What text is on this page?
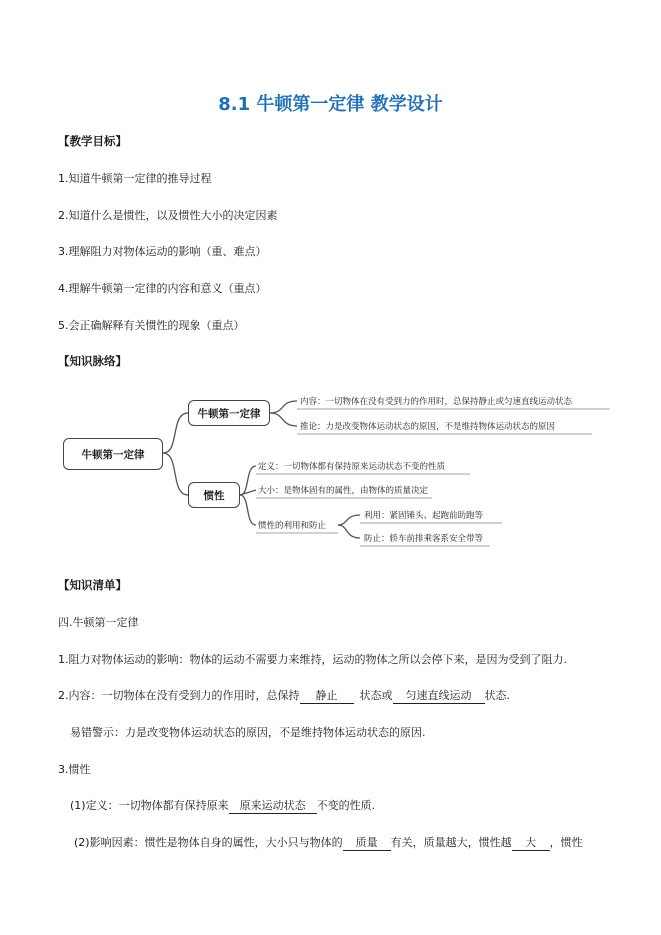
8.1 牛顿第一定律 教学设计
【教学目标】
1.知道牛顿第一定律的推导过程
2.知道什么是惯性，以及惯性大小的决定因素
3.理解阻力对物体运动的影响（重、难点）
4.理解牛顿第一定律的内容和意义（重点）
5.会正确解释有关惯性的现象（重点）
【知识脉络】
牛顿第一定律
牛顿第一定律
惯性
内容：一切物体在没有受到力的作用时，总保持静止或匀速直线运动状态
推论：力是改变物体运动状态的原因，不是维持物体运动状态的原因
定义：一切物体都有保持原来运动状态不变的性质
大小：是物体固有的属性，由物体的质量决定
惯性的利用和防止
利用：紧固锤头、起跑前助跑等
防止：轿车前排乘客系安全带等
【知识清单】
四.牛顿第一定律
1.阻力对物体运动的影响：物体的运动不需要力来维持，运动的物体之所以会停下来，是因为受到了阻力.
2.内容：一切物体在没有受到力的作用时，总保持 静止 状态或 匀速直线运动 状态.
易错警示：力是改变物体运动状态的原因，不是维持物体运动状态的原因.
3.惯性
(1)定义：一切物体都有保持原来 原来运动状态 不变的性质.
(2)影响因素：惯性是物体自身的属性，大小只与物体的 质量 有关，质量越大，惯性越 大 ，惯性
